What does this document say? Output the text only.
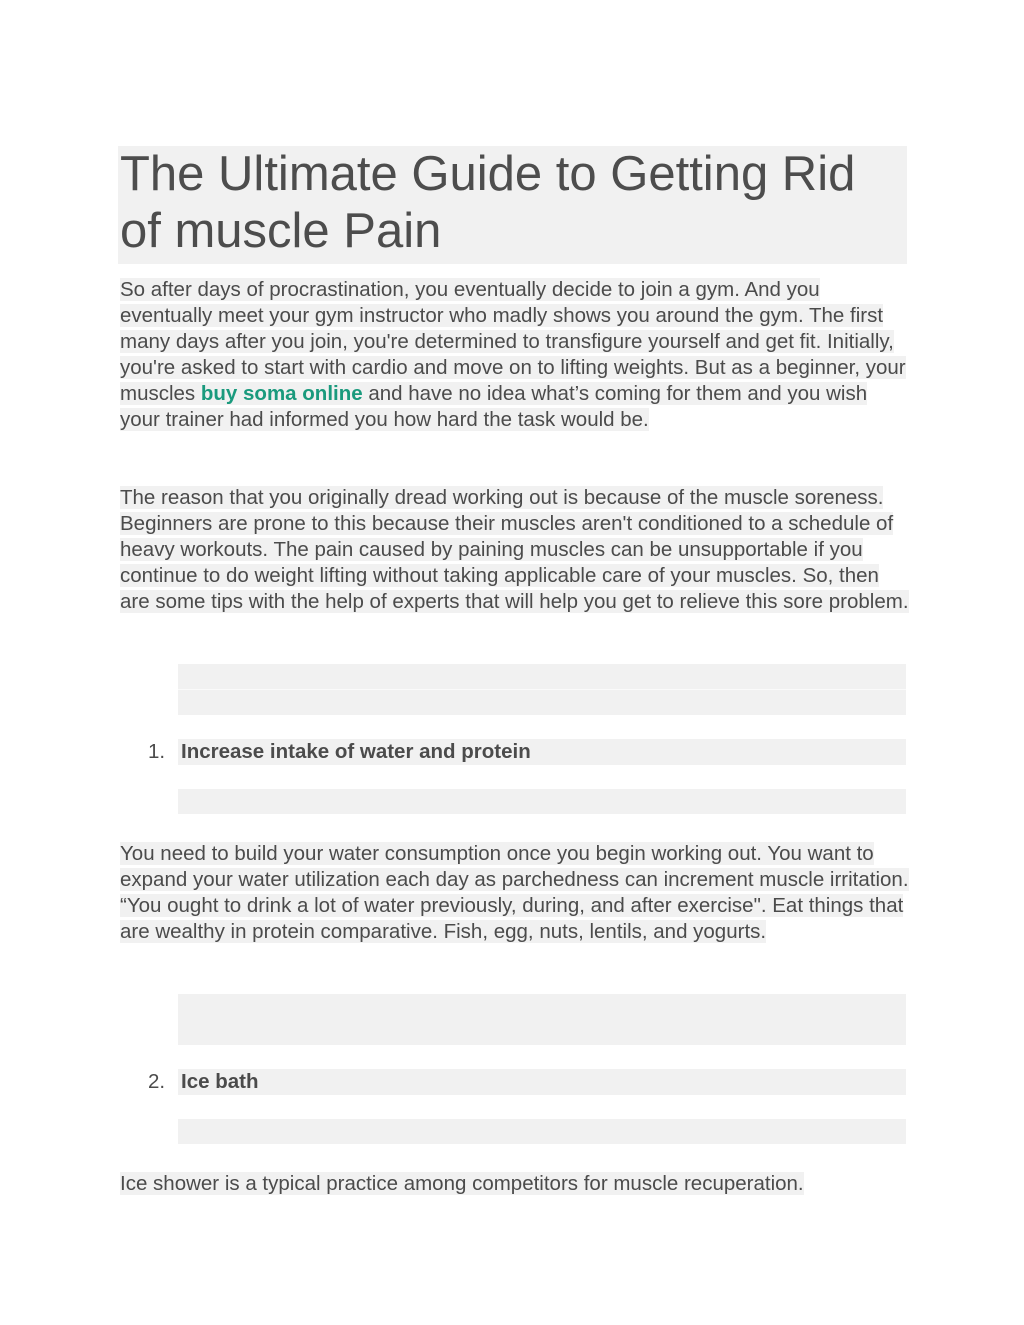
The Ultimate Guide to Getting Rid of muscle Pain

So after days of procrastination, you eventually decide to join a gym. And you eventually meet your gym instructor who madly shows you around the gym. The first many days after you join, you're determined to transfigure yourself and get fit. Initially, you're asked to start with cardio and move on to lifting weights. But as a beginner, your muscles buy soma online and have no idea what’s coming for them and you wish your trainer had informed you how hard the task would be.

The reason that you originally dread working out is because of the muscle soreness. Beginners are prone to this because their muscles aren't conditioned to a schedule of heavy workouts. The pain caused by paining muscles can be unsupportable if you continue to do weight lifting without taking applicable care of your muscles. So, then are some tips with the help of experts that will help you get to relieve this sore problem.

1. Increase intake of water and protein

You need to build your water consumption once you begin working out. You want to expand your water utilization each day as parchedness can increment muscle irritation. “You ought to drink a lot of water previously, during, and after exercise". Eat things that are wealthy in protein comparative. Fish, egg, nuts, lentils, and yogurts.

2. Ice bath

Ice shower is a typical practice among competitors for muscle recuperation.
